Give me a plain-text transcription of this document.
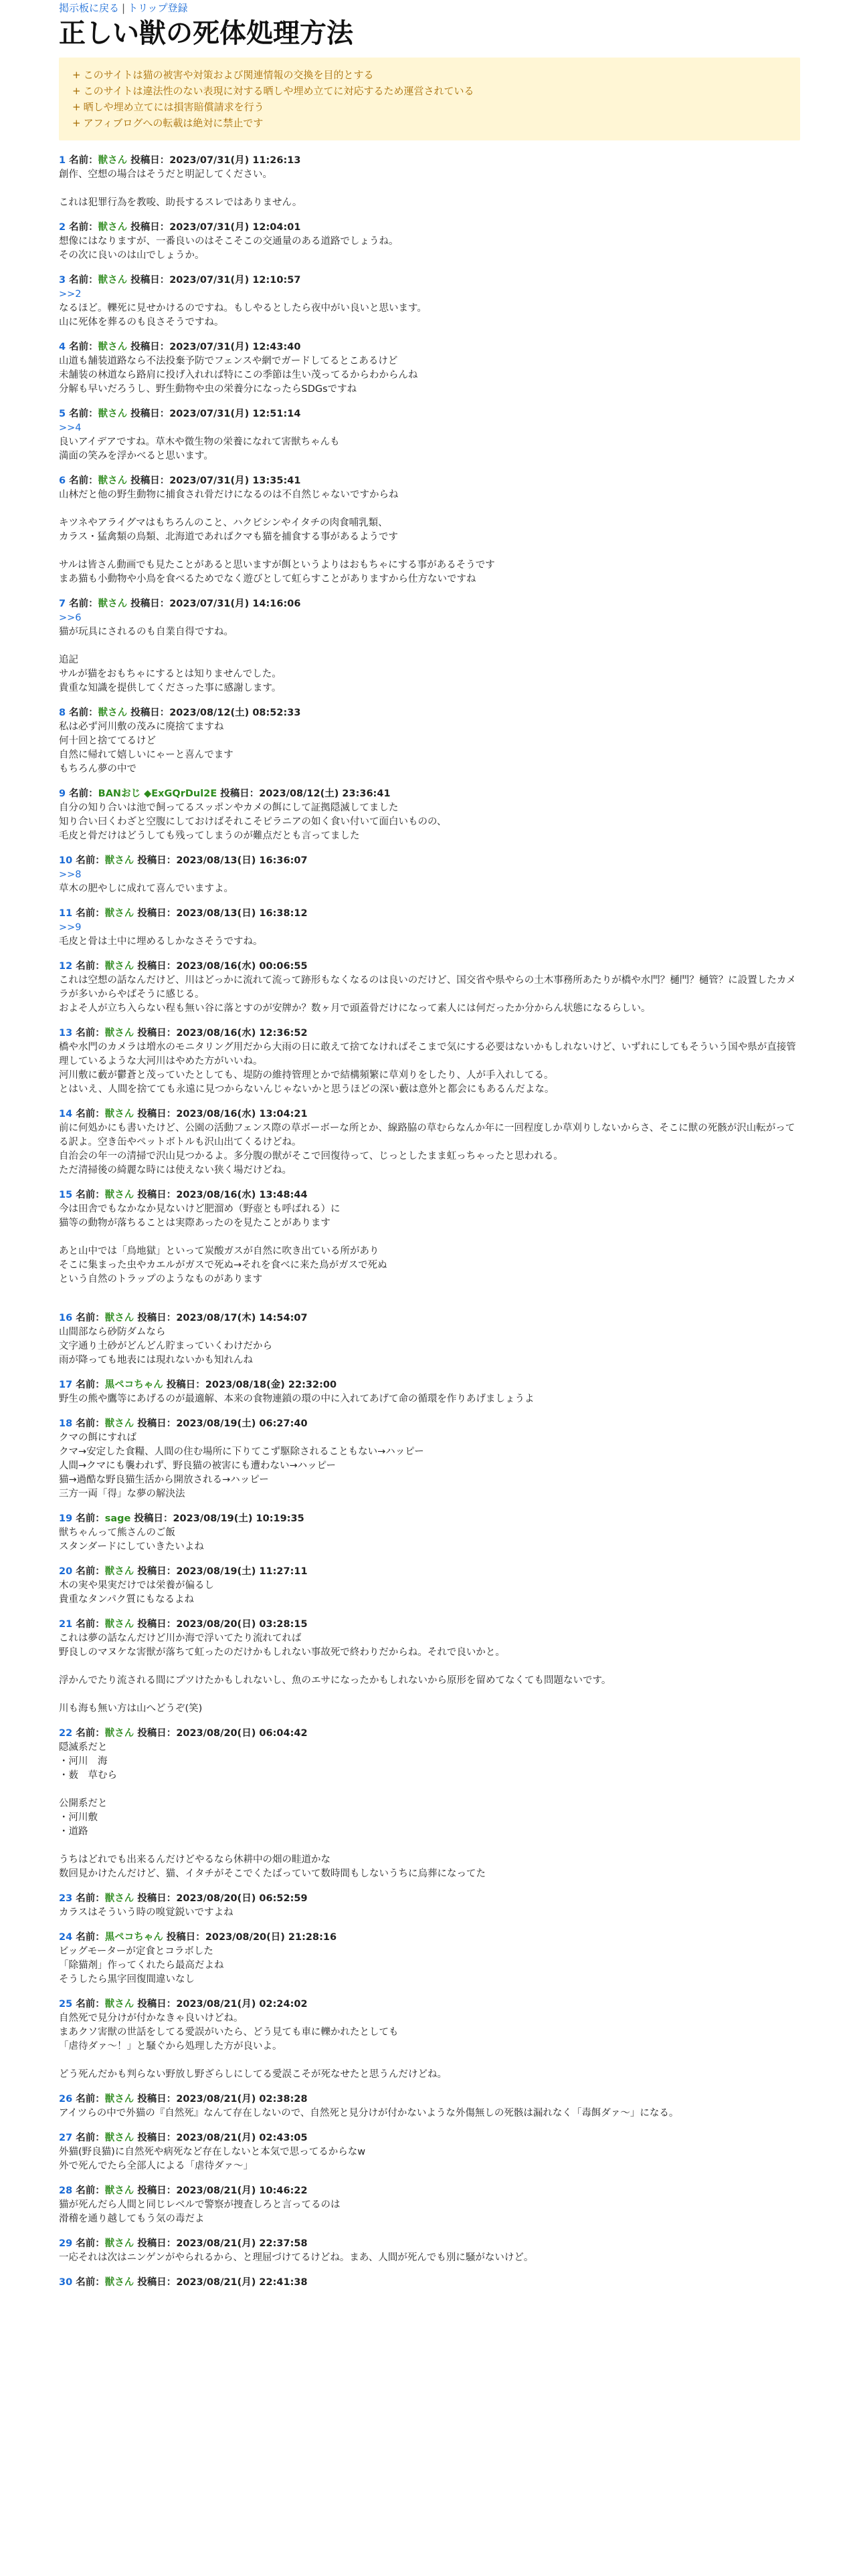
掲示板に戻る | トリップ登録
正しい獣の死体処理方法
+ このサイトは猫の被害や対策および関連情報の交換を目的とする
+ このサイトは違法性のない表現に対する晒しや埋め立てに対応するため運営されている
+ 晒しや埋め立てには損害賠償請求を行う
+ アフィブログへの転載は絶対に禁止です
1 名前：獣さん 投稿日：2023/07/31(月) 11:26:13
創作、空想の場合はそうだと明記してください。

これは犯罪行為を教唆、助長するスレではありません。
2 名前：獣さん 投稿日：2023/07/31(月) 12:04:01
想像にはなりますが、一番良いのはそこそこの交通量のある道路でしょうね。
その次に良いのは山でしょうか。
3 名前：獣さん 投稿日：2023/07/31(月) 12:10:57
>>2
なるほど。轢死に見せかけるのですね。もしやるとしたら夜中がい良いと思います。
山に死体を葬るのも良さそうですね。
4 名前：獣さん 投稿日：2023/07/31(月) 12:43:40
山道も舗装道路なら不法投棄予防でフェンスや網でガードしてるとこあるけど
未舗装の林道なら路肩に投げ入れれば特にこの季節は生い茂ってるからわからんね
分解も早いだろうし、野生動物や虫の栄養分になったらSDGsですね
5 名前：獣さん 投稿日：2023/07/31(月) 12:51:14
>>4
良いアイデアですね。草木や微生物の栄養になれて害獣ちゃんも
満面の笑みを浮かべると思います。
6 名前：獣さん 投稿日：2023/07/31(月) 13:35:41
山林だと他の野生動物に捕食され骨だけになるのは不自然じゃないですからね

キツネやアライグマはもちろんのこと、ハクビシンやイタチの肉食哺乳類、
カラス・猛禽類の鳥類、北海道であればクマも猫を捕食する事があるようです

サルは皆さん動画でも見たことがあると思いますが餌というよりはおもちゃにする事があるそうです
まあ猫も小動物や小鳥を食べるためでなく遊びとして虹らすことがありますから仕方ないですね
7 名前：獣さん 投稿日：2023/07/31(月) 14:16:06
>>6
猫が玩具にされるのも自業自得ですね。

追記
サルが猫をおもちゃにするとは知りませんでした。
貴重な知識を提供してくださった事に感謝します。
8 名前：獣さん 投稿日：2023/08/12(土) 08:52:33
私は必ず河川敷の茂みに廃捨てますね
何十回と捨ててるけど
自然に帰れて嬉しいにゃーと喜んでます
もちろん夢の中で
9 名前：BANおじ ◆ExGQrDul2E 投稿日：2023/08/12(土) 23:36:41
自分の知り合いは池で飼ってるスッポンやカメの餌にして証拠隠滅してました
知り合い曰くわざと空腹にしておけばそれこそピラニアの如く食い付いて面白いものの、
毛皮と骨だけはどうしても残ってしまうのが難点だとも言ってました
10 名前：獣さん 投稿日：2023/08/13(日) 16:36:07
>>8
草木の肥やしに成れて喜んでいますよ。
11 名前：獣さん 投稿日：2023/08/13(日) 16:38:12
>>9
毛皮と骨は土中に埋めるしかなさそうですね。
12 名前：獣さん 投稿日：2023/08/16(水) 00:06:55
これは空想の話なんだけど、川はどっかに流れて流って跡形もなくなるのは良いのだけど、国交省や県やらの土木事務所あたりが橋や水門？樋門？樋管？に設置したカメラが多いからやばそうに感じる。
およそ人が立ち入らない程も無い谷に落とすのが安牌か？数ヶ月で頭蓋骨だけになって素人には何だったか分からん状態になるらしい。
13 名前：獣さん 投稿日：2023/08/16(水) 12:36:52
橋や水門のカメラは増水のモニタリング用だから大雨の日に敢えて捨てなければそこまで気にする必要はないかもしれないけど、いずれにしてもそういう国や県が直接管理しているような大河川はやめた方がいいね。
河川敷に藪が鬱蒼と茂っていたとしても、堤防の維持管理とかで結構頻繁に草刈りをしたり、人が手入れしてる。
とはいえ、人間を捨てても永遠に見つからないんじゃないかと思うほどの深い藪は意外と都会にもあるんだよな。
14 名前：獣さん 投稿日：2023/08/16(水) 13:04:21
前に何処かにも書いたけど、公園の活動フェンス際の草ボーボーな所とか、線路脇の草むらなんか年に一回程度しか草刈りしないからさ、そこに獣の死骸が沢山転がってる訳よ。空き缶やペットボトルも沢山出てくるけどね。
自治会の年一の清掃で沢山見つかるよ。多分腹の獣がそこで回復待って、じっとしたまま虹っちゃったと思われる。
ただ清掃後の綺麗な時には使えない狭く場だけどね。
15 名前：獣さん 投稿日：2023/08/16(水) 13:48:44
今は田舎でもなかなか見ないけど肥溜め（野壺とも呼ばれる）に
猫等の動物が落ちることは実際あったのを見たことがあります

あと山中では「鳥地獄」といって炭酸ガスが自然に吹き出ている所があり
そこに集まった虫やカエルがガスで死ぬ→それを食べに来た鳥がガスで死ぬ
という自然のトラップのようなものがあります

16 名前：獣さん 投稿日：2023/08/17(木) 14:54:07
山間部なら砂防ダムなら
文字通り土砂がどんどん貯まっていくわけだから
雨が降っても地表には現れないかも知れんね
17 名前：黒ペコちゃん 投稿日：2023/08/18(金) 22:32:00
野生の熊や鷹等にあげるのが最適解、本来の食物連鎖の環の中に入れてあげて命の循環を作りあげましょうよ
18 名前：獣さん 投稿日：2023/08/19(土) 06:27:40
クマの餌にすれば
クマ→安定した食糧、人間の住む場所に下りてこず駆除されることもない→ハッピー
人間→クマにも襲われず、野良猫の被害にも遭わない→ハッピー
猫→過酷な野良猫生活から開放される→ハッピー
三方一両「得」な夢の解決法
19 名前：sage 投稿日：2023/08/19(土) 10:19:35
獣ちゃんって熊さんのご飯
スタンダードにしていきたいよね
20 名前：獣さん 投稿日：2023/08/19(土) 11:27:11
木の実や果実だけでは栄養が偏るし
貴重なタンパク質にもなるよね
21 名前：獣さん 投稿日：2023/08/20(日) 03:28:15
これは夢の話なんだけど川か海で浮いてたり流れてれば
野良しのマヌケな害獣が落ちて虹ったのだけかもしれない事故死で終わりだからね。それで良いかと。

浮かんでたり流される間にプツけたかもしれないし、魚のエサになったかもしれないから原形を留めてなくても問題ないです。

川も海も無い方は山へどうぞ(笑)
22 名前：獣さん 投稿日：2023/08/20(日) 06:04:42
隠滅系だと
・河川　海
・薮　草むら

公開系だと
・河川敷
・道路

うちはどれでも出来るんだけどやるなら休耕中の畑の畦道かな
数回見かけたんだけど、猫、イタチがそこでくたばっていて数時間もしないうちに烏葬になってた
23 名前：獣さん 投稿日：2023/08/20(日) 06:52:59
カラスはそういう時の嗅覚鋭いですよね
24 名前：黒ペコちゃん 投稿日：2023/08/20(日) 21:28:16
ビッグモーターが定食とコラボした
「除猫剤」作ってくれたら最高だよね
そうしたら黒字回復間違いなし
25 名前：獣さん 投稿日：2023/08/21(月) 02:24:02
自然死で見分けが付かなきゃ良いけどね。
まあクソ害獣の世話をしてる愛誤がいたら、どう見ても車に轢かれたとしても
「虐待ダァ〜！」と騒ぐから処理した方が良いよ。

どう死んだかも判らない野放し野ざらしにしてる愛誤こそが死なせたと思うんだけどね。
26 名前：獣さん 投稿日：2023/08/21(月) 02:38:28
アイツらの中で外猫の『自然死』なんて存在しないので、自然死と見分けが付かないような外傷無しの死骸は漏れなく「毒餌ダァ〜」になる。
27 名前：獣さん 投稿日：2023/08/21(月) 02:43:05
外猫(野良猫)に自然死や病死など存在しないと本気で思ってるからなw
外で死んでたら全部人による「虐待ダァ〜」
28 名前：獣さん 投稿日：2023/08/21(月) 10:46:22
猫が死んだら人間と同じレベルで警察が捜査しろと言ってるのは
滑稽を通り越してもう気の毒だよ
29 名前：獣さん 投稿日：2023/08/21(月) 22:37:58
一応それは次はニンゲンがやられるから、と理屈づけてるけどね。まあ、人間が死んでも別に騒がないけど。
30 名前：獣さん 投稿日：2023/08/21(月) 22:41:38
